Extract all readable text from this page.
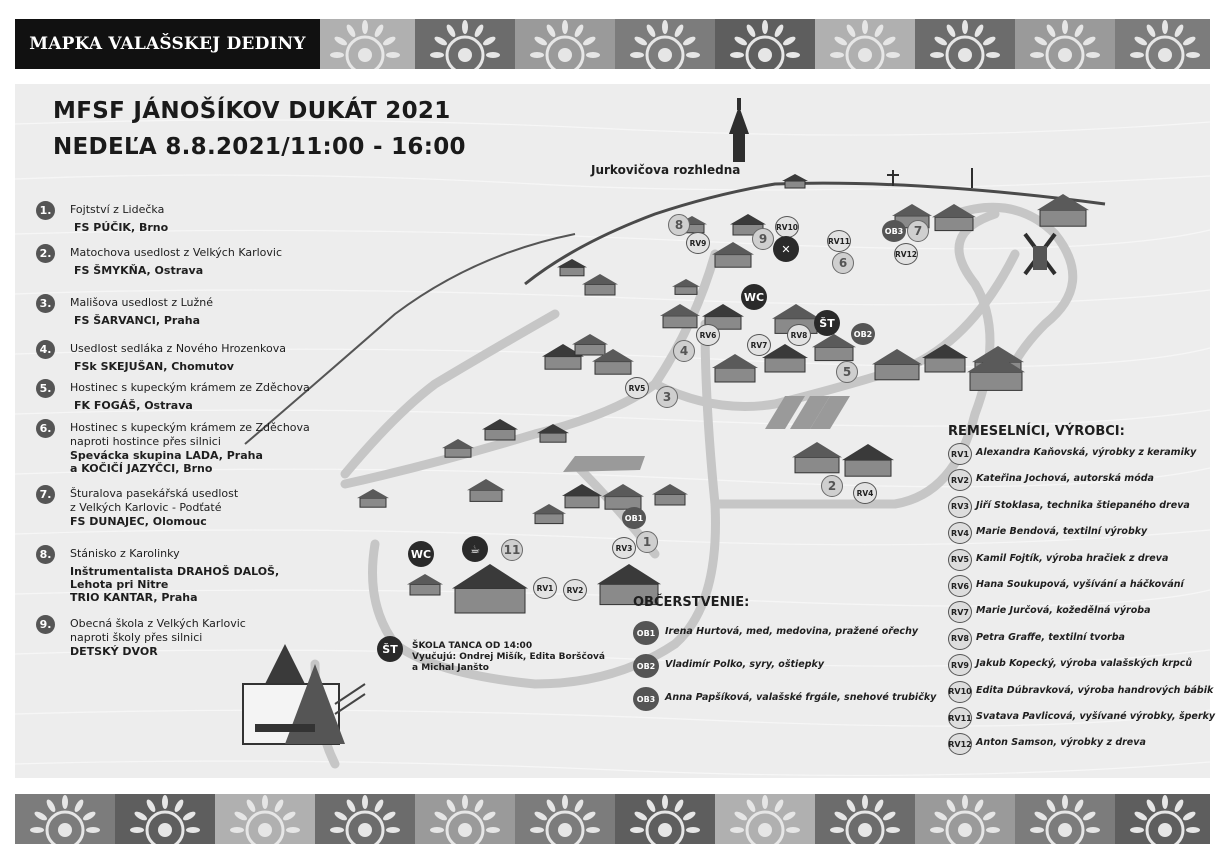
MAPKA VALAŠSKEJ DEDINY
MFSF JÁNOŠÍKOV DUKÁT 2021
NEDEĽA 8.8.2021/11:00 - 16:00
1.	Fojtství z Lidečka
FS PÚČIK, Brno
2.	Matochova usedlost z Velkých Karlovic
FS ŠMYKŇA, Ostrava
3.	Mališova usedlost z Lužné
FS ŠARVANCI, Praha
4.	Usedlost sedláka z Nového Hrozenkova
FSk SKEJUŠAN, Chomutov
5.	Hostinec s kupeckým krámem ze Zděchova
FK FOGÁŠ, Ostrava
6.	Hostinec s kupeckým krámem ze Zděchova
naproti hostince přes silnici
Spevácka skupina LADA, Praha
a KOČIČÍ JAZYČCI, Brno
7.	Šturalova pasekářská usedlost
z Velkých Karlovic - Podťaté
FS DUNAJEC, Olomouc
8.	Stánisko z Karolinky
Inštrumentalista DRAHOŠ DALOŠ,
Lehota pri Nitre
TRIO KANTAR, Praha
9.	Obecná škola z Velkých Karlovic
naproti školy přes silnici
DETSKÝ DVOR
Jurkovičova rozhledna
8
RV9
RV10
9
✕
RV11
6
OB3 7
RV12
WC
ŠT
OB2
RV6
RV7
RV8
4
5
RV5
3
2	RV4
OB1
1
RV3
11
WC	☕
RV1	RV2
ŠT	ŠKOLA TANCA OD 14:00
Vyučujú: Ondrej Mišík, Edita Borščová
a Michal Janšto
OBČERSTVENIE:
OB1	Irena Hurtová, med, medovina, pražené ořechy
OB2	Vladimír Polko, syry, oštiepky
OB3	Anna Papšíková, valašské frgále, snehové trubičky
REMESELNÍCI, VÝROBCI:
RV1 Alexandra Kaňovská, výrobky z keramiky
RV2 Kateřina Jochová, autorská móda
RV3 Jiří Stoklasa, technika štiepaného dreva
RV4 Marie Bendová, textilní výrobky
RV5 Kamil Fojtík, výroba hračiek z dreva
RV6 Hana Soukupová, vyšívání a háčkování
RV7 Marie Jurčová, kožedělná výroba
RV8 Petra Graffe, textilní tvorba
RV9 Jakub Kopecký, výroba valašských krpců
RV10 Edita Dúbravková, výroba handrových bábik
RV11 Svatava Pavlicová, vyšívané výrobky, šperky
RV12 Anton Samson, výrobky z dreva
